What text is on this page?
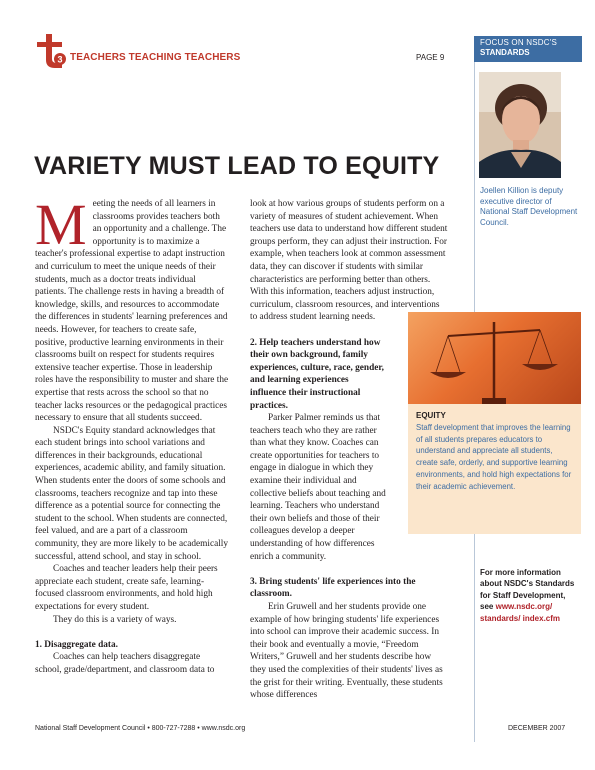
3 TEACHERS TEACHING TEACHERS	PAGE 9
FOCUS ON NSDC'S
STANDARDS
Joellen Killion is deputy executive director of National Staff Development Council.
VARIETY MUST LEAD TO EQUITY

Meeting the needs of all learners in classrooms provides teachers both an opportunity and a challenge. The opportunity is to maximize a teacher's professional expertise to adapt instruction and curriculum to meet the unique needs of their students, much as a doctor treats individual patients. The challenge rests in having a breadth of knowledge, skills, and resources to accommodate the differences in students' learning preferences and needs. However, for teachers to create safe, positive, productive learning environments in their classrooms built on respect for students requires extensive teacher expertise. Those in leadership roles have the responsibility to muster and share the expertise that rests across the school so that no teacher lacks resources or the pedagogical practices necessary to ensure that all students succeed.

NSDC's Equity standard acknowledges that each student brings into school variations and differences in their backgrounds, educational experiences, academic ability, and family situation. When students enter the doors of some schools and classrooms, teachers recognize and tap into these difference as a potential source for connecting the student to the school. When students are connected, feel valued, and are a part of a classroom community, they are more likely to be academically successful, attend school, and stay in school.

Coaches and teacher leaders help their peers appreciate each student, create safe, learning-focused classroom environments, and hold high expectations for every student.

They do this is a variety of ways.

1. Disaggregate data.

Coaches can help teachers disaggregate school, grade/department, and classroom data to

look at how various groups of students perform on a variety of measures of student achievement. When teachers use data to understand how different student groups perform, they can adjust their instruction. For example, when teachers look at common assessment data, they can discover if students with similar characteristics are performing better than others. With this information, teachers adjust instruction, curriculum, classroom resources, and interventions to address student learning needs.

2. Help teachers understand how their own background, family experiences, culture, race, gender, and learning experiences influence their instructional practices.

Parker Palmer reminds us that teachers teach who they are rather than what they know. Coaches can create opportunities for teachers to engage in dialogue in which they examine their individual and collective beliefs about teaching and learning. Teachers who understand their own beliefs and those of their colleagues develop a deeper understanding of how differences enrich a community.

3. Bring students' life experiences into the classroom.

Erin Gruwell and her students provide one example of how bringing students' life experiences into school can improve their academic success. In their book and eventually a movie, “Freedom Writers,” Gruwell and her students describe how they used the complexities of their students' lives as the grist for their writing. Eventually, these students whose differences

EQUITY
Staff development that improves the learning of all students prepares educators to understand and appreciate all students, create safe, orderly, and supportive learning environments, and hold high expectations for their academic achievement.
For more information about NSDC's Standards for Staff Development, see www.nsdc.org/ standards/ index.cfm
National Staff Development Council • 800-727-7288 • www.nsdc.org	DECEMBER 2007
